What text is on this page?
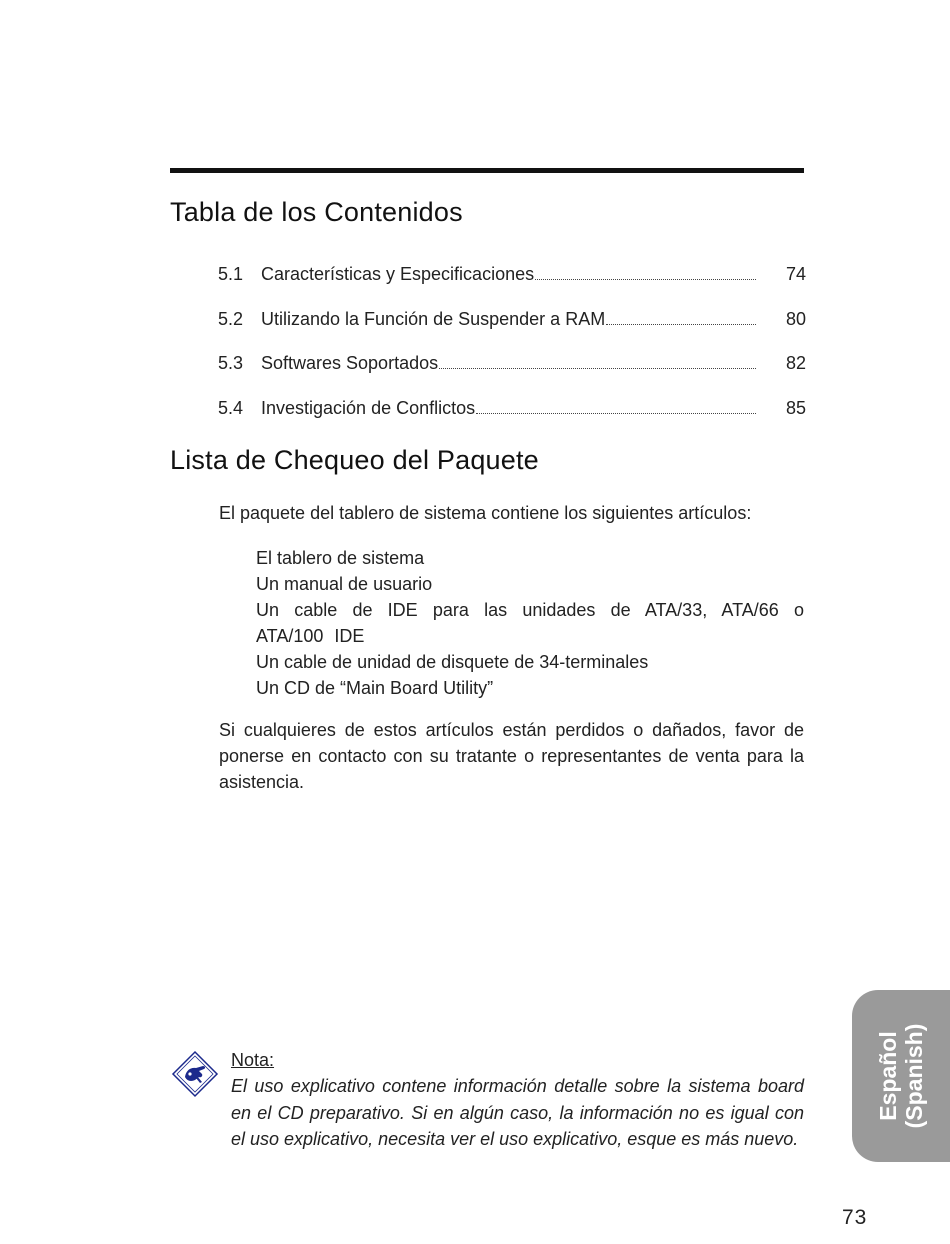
Tabla de los Contenidos
5.1 Características y Especificaciones	74
5.2 Utilizando la Función de Suspender a RAM	80
5.3 Softwares Soportados	82
5.4 Investigación de Conflictos	85
Lista de Chequeo del Paquete

El paquete del tablero de sistema contiene los siguientes artículos:

El tablero de sistema
Un manual de usuario
Un cable de IDE para las unidades de ATA/33, ATA/66 o ATA/100 IDE
Un cable de unidad de disquete de 34-terminales
Un CD de “Main Board Utility”

Si cualquieres de estos artículos están perdidos o dañados, favor de ponerse en contacto con su tratante o representantes de venta para la asistencia.

Nota:

El uso explicativo contene información detalle sobre la sistema board en el CD preparativo. Si en algún caso, la información no es igual con el uso explicativo, necesita ver el uso explicativo, esque es más nuevo.

Español (Spanish)
73
